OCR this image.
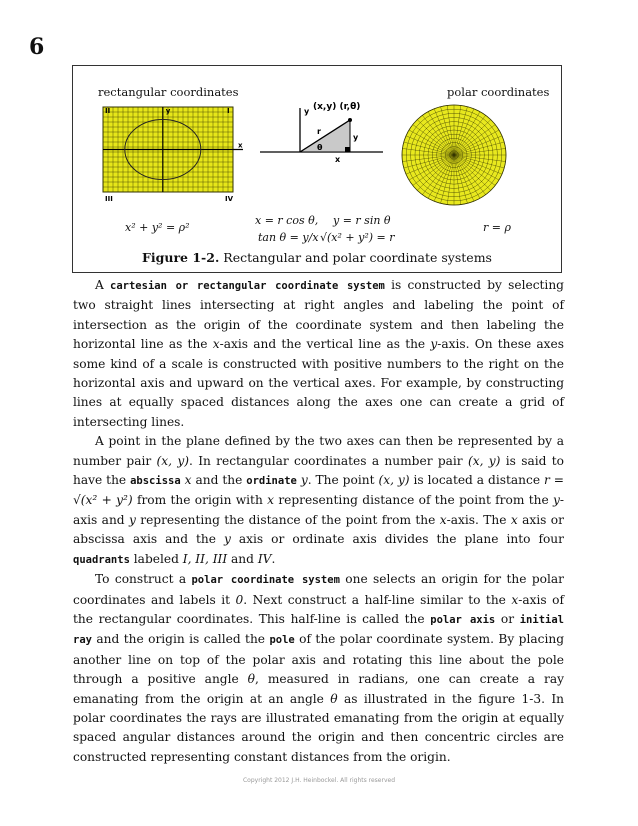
6
rectangular coordinates	polar coordinates
y
x
I
II
III	IV
y (x,y) (r,θ)
r
y
θ
x
x² + y² = ρ²
x = r cos θ, y = r sin θ
tan θ = y/x √(x² + y²) = r
r = ρ
Figure 1-2. Rectangular and polar coordinate systems

A cartesian or rectangular coordinate system is constructed by selecting two straight lines intersecting at right angles and labeling the point of intersection as the origin of the coordinate system and then labeling the horizontal line as the x-axis and the vertical line as the y-axis. On these axes some kind of a scale is constructed with positive numbers to the right on the horizontal axis and upward on the vertical axes. For example, by constructing lines at equally spaced distances along the axes one can create a grid of intersecting lines.

A point in the plane defined by the two axes can then be represented by a number pair (x, y). In rectangular coordinates a number pair (x, y) is said to have the abscissa x and the ordinate y. The point (x, y) is located a distance r = √(x² + y²) from the origin with x representing distance of the point from the y-axis and y representing the distance of the point from the x-axis. The x axis or abscissa axis and the y axis or ordinate axis divides the plane into four quadrants labeled I, II, III and IV.

To construct a polar coordinate system one selects an origin for the polar coordinates and labels it 0. Next construct a half-line similar to the x-axis of the rectangular coordinates. This half-line is called the polar axis or initial ray and the origin is called the pole of the polar coordinate system. By placing another line on top of the polar axis and rotating this line about the pole through a positive angle θ, measured in radians, one can create a ray emanating from the origin at an angle θ as illustrated in the figure 1-3. In polar coordinates the rays are illustrated emanating from the origin at equally spaced angular distances around the origin and then concentric circles are constructed representing constant distances from the origin.

Copyright 2012 J.H. Heinbockel. All rights reserved
